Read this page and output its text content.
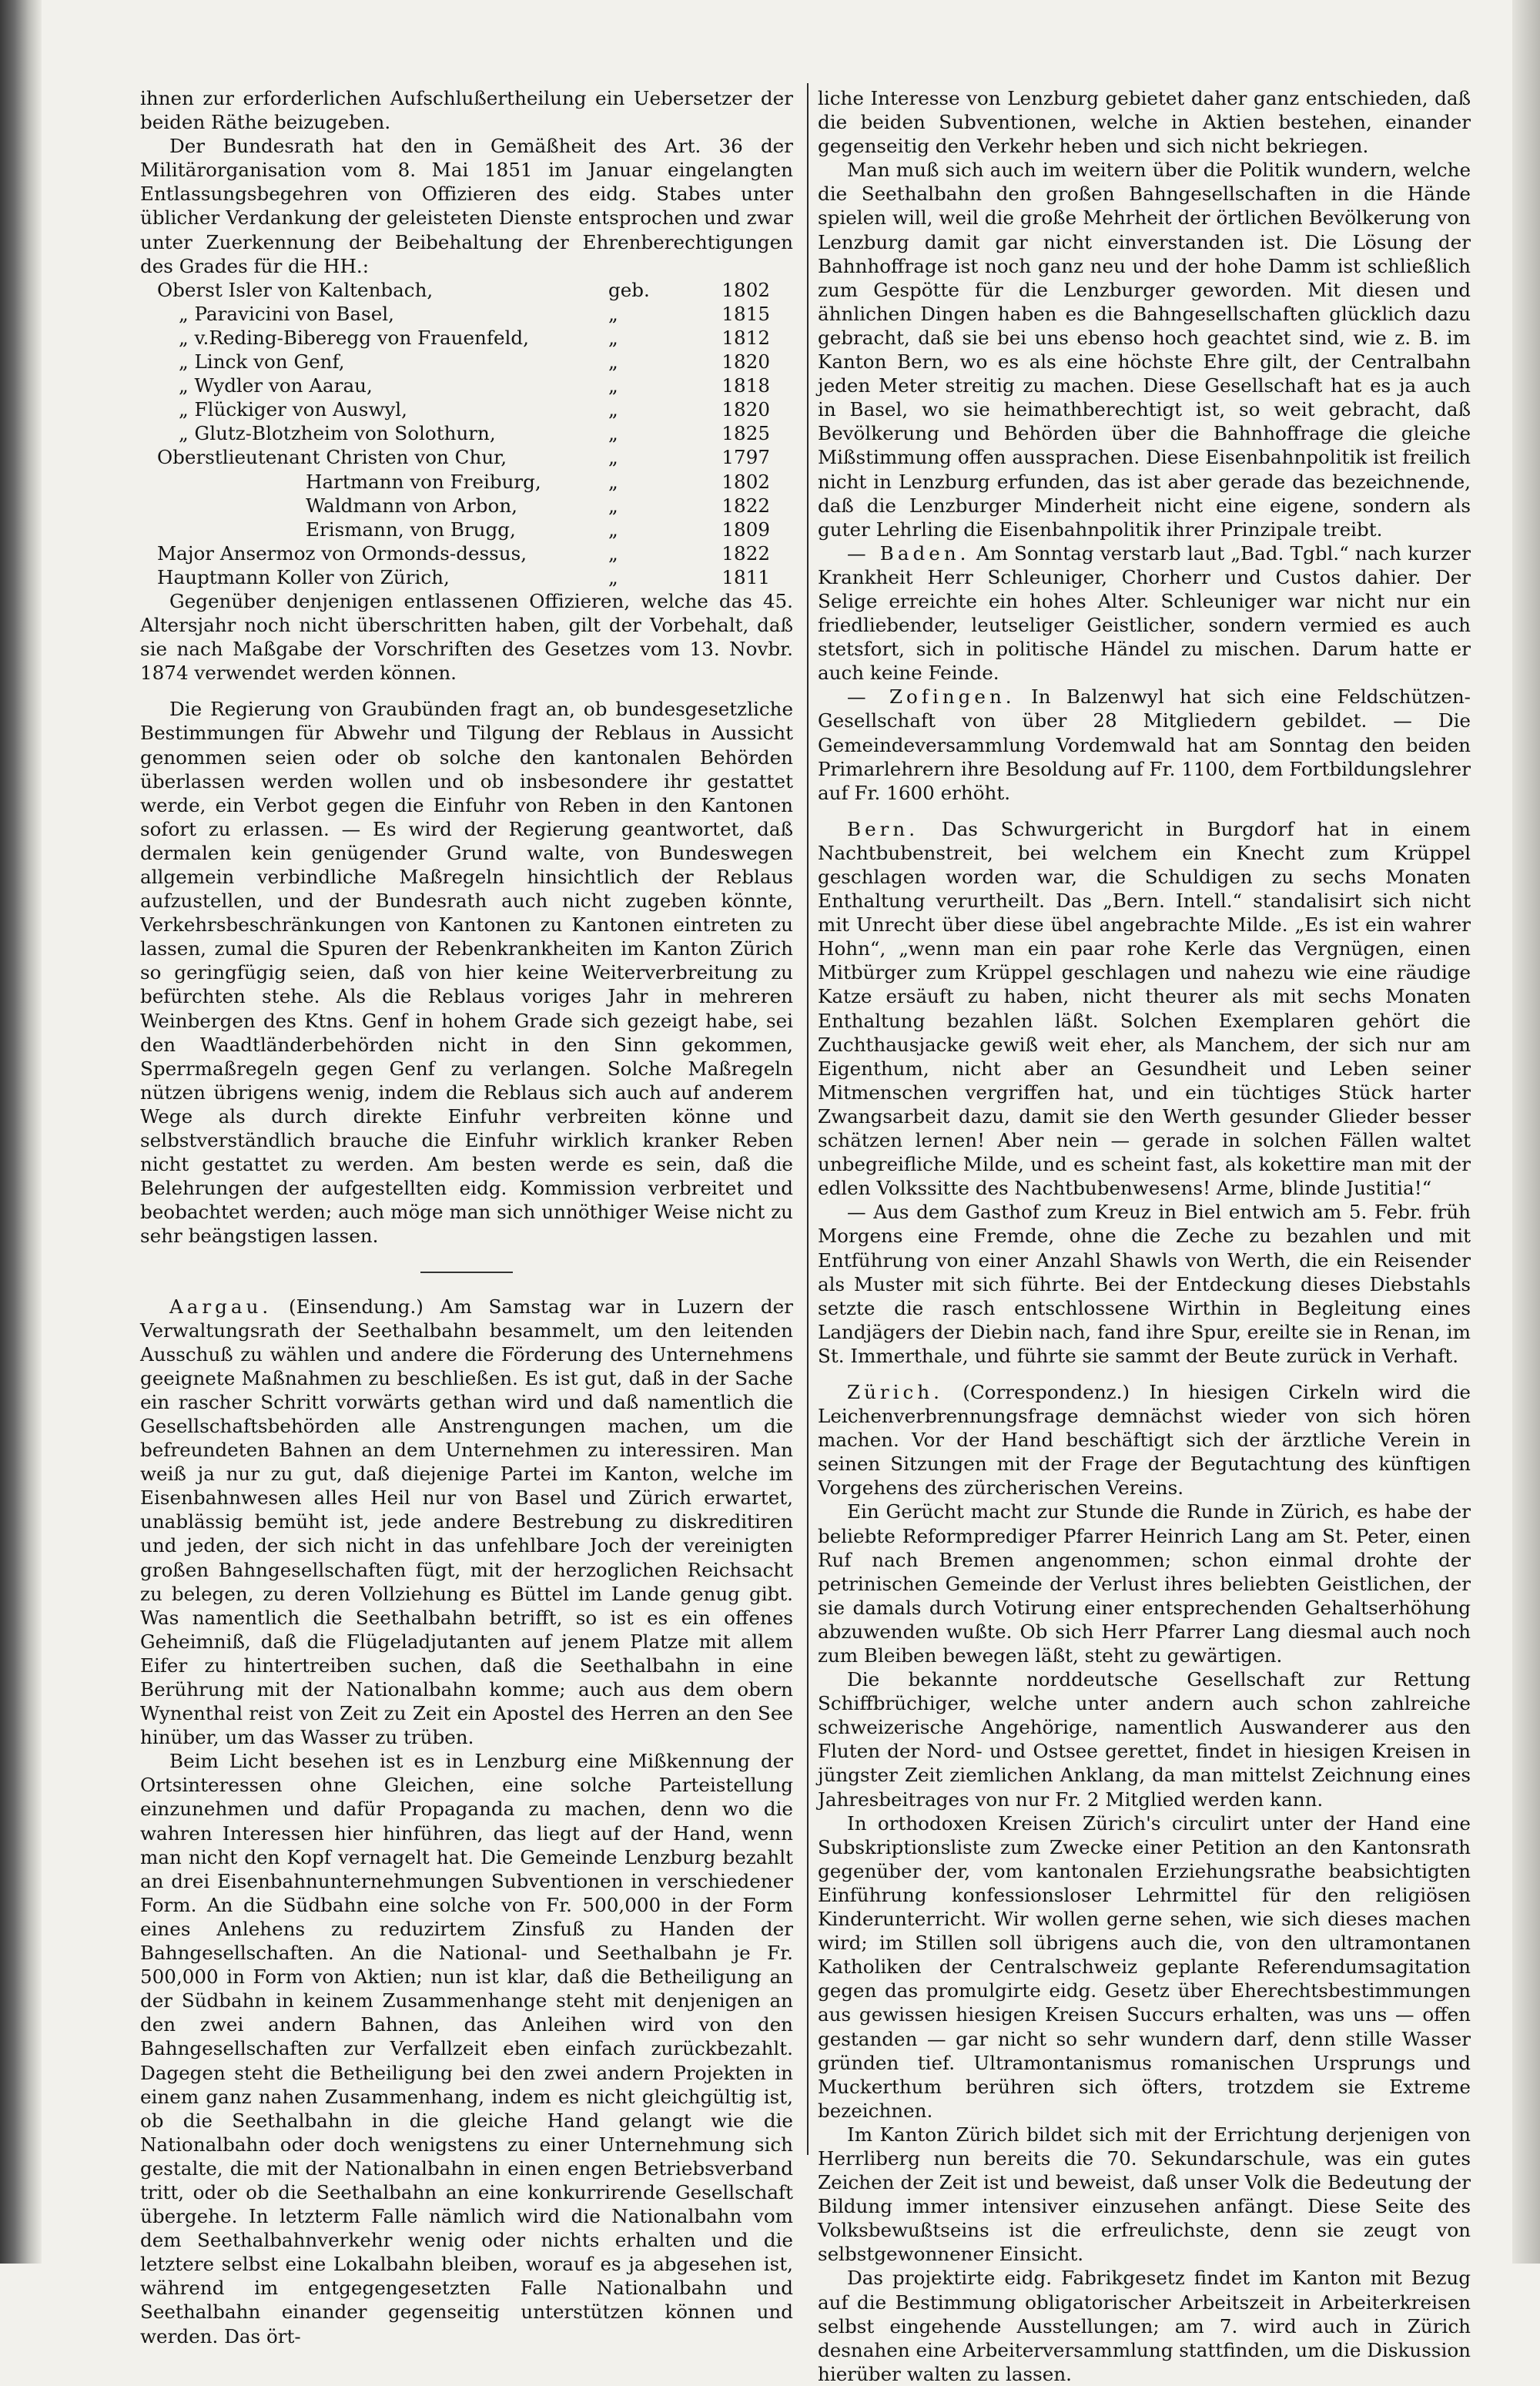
ihnen zur erforderlichen Aufschlußertheilung ein Uebersetzer der beiden Räthe beizugeben.

Der Bundesrath hat den in Gemäßheit des Art. 36 der Militärorganisation vom 8. Mai 1851 im Januar eingelangten Entlassungsbegehren von Offizieren des eidg. Stabes unter üblicher Verdankung der geleisteten Dienste entsprochen und zwar unter Zuerkennung der Beibehaltung der Ehrenberechtigungen des Grades für die HH.:

Oberst Isler von Kaltenbach,	geb.	1802
„ Paravicini von Basel,	„	1815
„ v.Reding-Biberegg von Frauenfeld,	„	1812
„ Linck von Genf,	„	1820
„ Wydler von Aarau,	„	1818
„ Flückiger von Auswyl,	„	1820
„ Glutz-Blotzheim von Solothurn,	„	1825
Oberstlieutenant Christen von Chur,	„	1797
Hartmann von Freiburg,	„	1802
Waldmann von Arbon,	„	1822
Erismann, von Brugg,	„	1809
Major Ansermoz von Ormonds-dessus,	„	1822
Hauptmann Koller von Zürich,	„	1811

Gegenüber denjenigen entlassenen Offizieren, welche das 45. Altersjahr noch nicht überschritten haben, gilt der Vorbehalt, daß sie nach Maßgabe der Vorschriften des Gesetzes vom 13. Novbr. 1874 verwendet werden können.

Die Regierung von Graubünden fragt an, ob bundesgesetzliche Bestimmungen für Abwehr und Tilgung der Reblaus in Aussicht genommen seien oder ob solche den kantonalen Behörden überlassen werden wollen und ob insbesondere ihr gestattet werde, ein Verbot gegen die Einfuhr von Reben in den Kantonen sofort zu erlassen. — Es wird der Regierung geantwortet, daß dermalen kein genügender Grund walte, von Bundeswegen allgemein verbindliche Maßregeln hinsichtlich der Reblaus aufzustellen, und der Bundesrath auch nicht zugeben könnte, Verkehrsbeschränkungen von Kantonen zu Kantonen eintreten zu lassen, zumal die Spuren der Rebenkrankheiten im Kanton Zürich so geringfügig seien, daß von hier keine Weiterverbreitung zu befürchten stehe. Als die Reblaus voriges Jahr in mehreren Weinbergen des Ktns. Genf in hohem Grade sich gezeigt habe, sei den Waadtländerbehörden nicht in den Sinn gekommen, Sperrmaßregeln gegen Genf zu verlangen. Solche Maßregeln nützen übrigens wenig, indem die Reblaus sich auch auf anderem Wege als durch direkte Einfuhr verbreiten könne und selbstverständlich brauche die Einfuhr wirklich kranker Reben nicht gestattet zu werden. Am besten werde es sein, daß die Belehrungen der aufgestellten eidg. Kommission verbreitet und beobachtet werden; auch möge man sich unnöthiger Weise nicht zu sehr beängstigen lassen.

Aargau. (Einsendung.) Am Samstag war in Luzern der Verwaltungsrath der Seethalbahn besammelt, um den leitenden Ausschuß zu wählen und andere die Förderung des Unternehmens geeignete Maßnahmen zu beschließen. Es ist gut, daß in der Sache ein rascher Schritt vorwärts gethan wird und daß namentlich die Gesellschaftsbehörden alle Anstrengungen machen, um die befreundeten Bahnen an dem Unternehmen zu interessiren. Man weiß ja nur zu gut, daß diejenige Partei im Kanton, welche im Eisenbahnwesen alles Heil nur von Basel und Zürich erwartet, unablässig bemüht ist, jede andere Bestrebung zu diskreditiren und jeden, der sich nicht in das unfehlbare Joch der vereinigten großen Bahngesellschaften fügt, mit der herzoglichen Reichsacht zu belegen, zu deren Vollziehung es Büttel im Lande genug gibt. Was namentlich die Seethalbahn betrifft, so ist es ein offenes Geheimniß, daß die Flügeladjutanten auf jenem Platze mit allem Eifer zu hintertreiben suchen, daß die Seethalbahn in eine Berührung mit der Nationalbahn komme; auch aus dem obern Wynenthal reist von Zeit zu Zeit ein Apostel des Herren an den See hinüber, um das Wasser zu trüben.

Beim Licht besehen ist es in Lenzburg eine Mißkennung der Ortsinteressen ohne Gleichen, eine solche Parteistellung einzunehmen und dafür Propaganda zu machen, denn wo die wahren Interessen hier hinführen, das liegt auf der Hand, wenn man nicht den Kopf vernagelt hat. Die Gemeinde Lenzburg bezahlt an drei Eisenbahnunternehmungen Subventionen in verschiedener Form. An die Südbahn eine solche von Fr. 500,000 in der Form eines Anlehens zu reduzirtem Zinsfuß zu Handen der Bahngesellschaften. An die National- und Seethalbahn je Fr. 500,000 in Form von Aktien; nun ist klar, daß die Betheiligung an der Südbahn in keinem Zusammenhange steht mit denjenigen an den zwei andern Bahnen, das Anleihen wird von den Bahngesellschaften zur Verfallzeit eben einfach zurückbezahlt. Dagegen steht die Betheiligung bei den zwei andern Projekten in einem ganz nahen Zusammenhang, indem es nicht gleichgültig ist, ob die Seethalbahn in die gleiche Hand gelangt wie die Nationalbahn oder doch wenigstens zu einer Unternehmung sich gestalte, die mit der Nationalbahn in einen engen Betriebsverband tritt, oder ob die Seethalbahn an eine konkurrirende Gesellschaft übergehe. In letzterm Falle nämlich wird die Nationalbahn vom dem Seethalbahnverkehr wenig oder nichts erhalten und die letztere selbst eine Lokalbahn bleiben, worauf es ja abgesehen ist, während im entgegengesetzten Falle Nationalbahn und Seethalbahn einander gegenseitig unterstützen können und werden. Das ört-

liche Interesse von Lenzburg gebietet daher ganz entschieden, daß die beiden Subventionen, welche in Aktien bestehen, einander gegenseitig den Verkehr heben und sich nicht bekriegen.

Man muß sich auch im weitern über die Politik wundern, welche die Seethalbahn den großen Bahngesellschaften in die Hände spielen will, weil die große Mehrheit der örtlichen Bevölkerung von Lenzburg damit gar nicht einverstanden ist. Die Lösung der Bahnhoffrage ist noch ganz neu und der hohe Damm ist schließlich zum Gespötte für die Lenzburger geworden. Mit diesen und ähnlichen Dingen haben es die Bahngesellschaften glücklich dazu gebracht, daß sie bei uns ebenso hoch geachtet sind, wie z. B. im Kanton Bern, wo es als eine höchste Ehre gilt, der Centralbahn jeden Meter streitig zu machen. Diese Gesellschaft hat es ja auch in Basel, wo sie heimathberechtigt ist, so weit gebracht, daß Bevölkerung und Behörden über die Bahnhoffrage die gleiche Mißstimmung offen aussprachen. Diese Eisenbahnpolitik ist freilich nicht in Lenzburg erfunden, das ist aber gerade das bezeichnende, daß die Lenzburger Minderheit nicht eine eigene, sondern als guter Lehrling die Eisenbahnpolitik ihrer Prinzipale treibt.

— Baden. Am Sonntag verstarb laut „Bad. Tgbl.“ nach kurzer Krankheit Herr Schleuniger, Chorherr und Custos dahier. Der Selige erreichte ein hohes Alter. Schleuniger war nicht nur ein friedliebender, leutseliger Geistlicher, sondern vermied es auch stetsfort, sich in politische Händel zu mischen. Darum hatte er auch keine Feinde.

— Zofingen. In Balzenwyl hat sich eine Feldschützen-Gesellschaft von über 28 Mitgliedern gebildet. — Die Gemeindeversammlung Vordemwald hat am Sonntag den beiden Primarlehrern ihre Besoldung auf Fr. 1100, dem Fortbildungslehrer auf Fr. 1600 erhöht.

Bern. Das Schwurgericht in Burgdorf hat in einem Nachtbubenstreit, bei welchem ein Knecht zum Krüppel geschlagen worden war, die Schuldigen zu sechs Monaten Enthaltung verurtheilt. Das „Bern. Intell.“ standalisirt sich nicht mit Unrecht über diese übel angebrachte Milde. „Es ist ein wahrer Hohn“, „wenn man ein paar rohe Kerle das Vergnügen, einen Mitbürger zum Krüppel geschlagen und nahezu wie eine räudige Katze ersäuft zu haben, nicht theurer als mit sechs Monaten Enthaltung bezahlen läßt. Solchen Exemplaren gehört die Zuchthausjacke gewiß weit eher, als Manchem, der sich nur am Eigenthum, nicht aber an Gesundheit und Leben seiner Mitmenschen vergriffen hat, und ein tüchtiges Stück harter Zwangsarbeit dazu, damit sie den Werth gesunder Glieder besser schätzen lernen! Aber nein — gerade in solchen Fällen waltet unbegreifliche Milde, und es scheint fast, als kokettire man mit der edlen Volkssitte des Nachtbubenwesens! Arme, blinde Justitia!“

— Aus dem Gasthof zum Kreuz in Biel entwich am 5. Febr. früh Morgens eine Fremde, ohne die Zeche zu bezahlen und mit Entführung von einer Anzahl Shawls von Werth, die ein Reisender als Muster mit sich führte. Bei der Entdeckung dieses Diebstahls setzte die rasch entschlossene Wirthin in Begleitung eines Landjägers der Diebin nach, fand ihre Spur, ereilte sie in Renan, im St. Immerthale, und führte sie sammt der Beute zurück in Verhaft.

Zürich. (Correspondenz.) In hiesigen Cirkeln wird die Leichenverbrennungsfrage demnächst wieder von sich hören machen. Vor der Hand beschäftigt sich der ärztliche Verein in seinen Sitzungen mit der Frage der Begutachtung des künftigen Vorgehens des zürcherischen Vereins.

Ein Gerücht macht zur Stunde die Runde in Zürich, es habe der beliebte Reformprediger Pfarrer Heinrich Lang am St. Peter, einen Ruf nach Bremen angenommen; schon einmal drohte der petrinischen Gemeinde der Verlust ihres beliebten Geistlichen, der sie damals durch Votirung einer entsprechenden Gehaltserhöhung abzuwenden wußte. Ob sich Herr Pfarrer Lang diesmal auch noch zum Bleiben bewegen läßt, steht zu gewärtigen.

Die bekannte norddeutsche Gesellschaft zur Rettung Schiffbrüchiger, welche unter andern auch schon zahlreiche schweizerische Angehörige, namentlich Auswanderer aus den Fluten der Nord- und Ostsee gerettet, findet in hiesigen Kreisen in jüngster Zeit ziemlichen Anklang, da man mittelst Zeichnung eines Jahresbeitrages von nur Fr. 2 Mitglied werden kann.

In orthodoxen Kreisen Zürich's circulirt unter der Hand eine Subskriptionsliste zum Zwecke einer Petition an den Kantonsrath gegenüber der, vom kantonalen Erziehungsrathe beabsichtigten Einführung konfessionsloser Lehrmittel für den religiösen Kinderunterricht. Wir wollen gerne sehen, wie sich dieses machen wird; im Stillen soll übrigens auch die, von den ultramontanen Katholiken der Centralschweiz geplante Referendumsagitation gegen das promulgirte eidg. Gesetz über Eherechtsbestimmungen aus gewissen hiesigen Kreisen Succurs erhalten, was uns — offen gestanden — gar nicht so sehr wundern darf, denn stille Wasser gründen tief. Ultramontanismus romanischen Ursprungs und Muckerthum berühren sich öfters, trotzdem sie Extreme bezeichnen.

Im Kanton Zürich bildet sich mit der Errichtung derjenigen von Herrliberg nun bereits die 70. Sekundarschule, was ein gutes Zeichen der Zeit ist und beweist, daß unser Volk die Bedeutung der Bildung immer intensiver einzusehen anfängt. Diese Seite des Volksbewußtseins ist die erfreulichste, denn sie zeugt von selbstgewonnener Einsicht.

Das projektirte eidg. Fabrikgesetz findet im Kanton mit Bezug auf die Bestimmung obligatorischer Arbeitszeit in Arbeiterkreisen selbst eingehende Ausstellungen; am 7. wird auch in Zürich desnahen eine Arbeiterversammlung stattfinden, um die Diskussion hierüber walten zu lassen.
